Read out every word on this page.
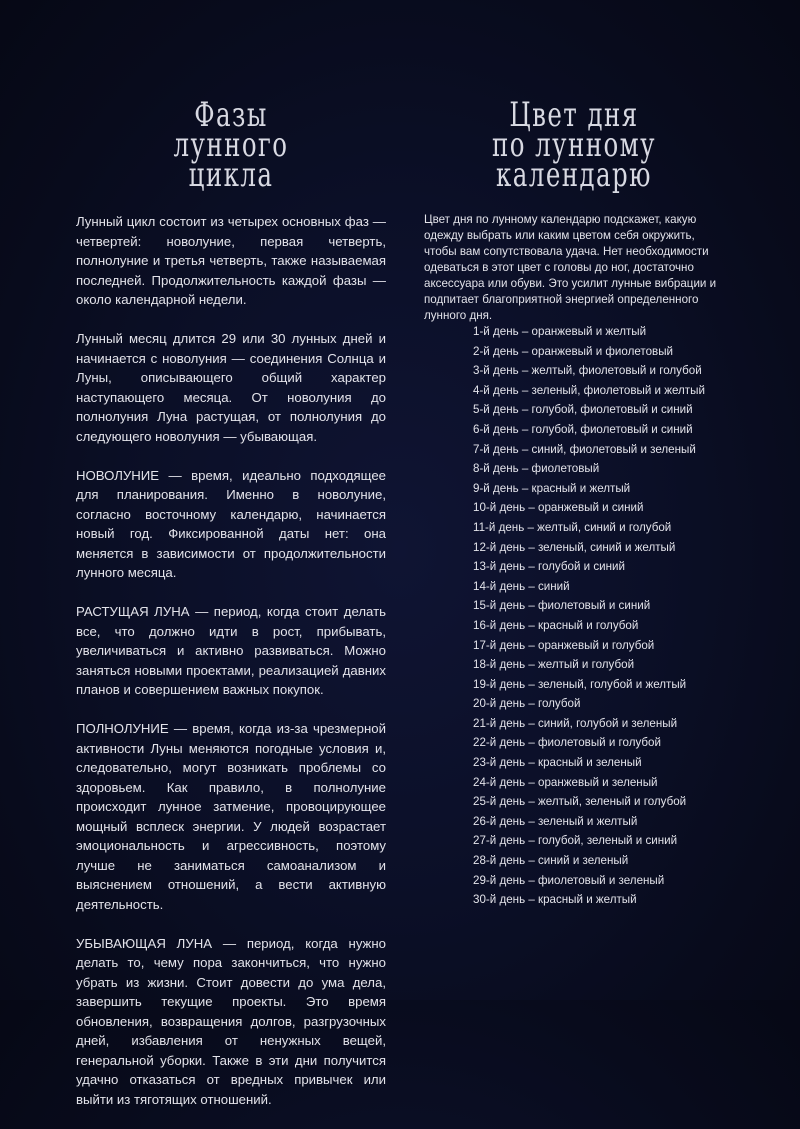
Фазы
лунного
цикла

Лунный цикл состоит из четырех основных фаз — четвертей: новолуние, первая четверть, полнолуние и третья четверть, также называемая последней. Продолжительность каждой фазы — около календарной недели.

Лунный месяц длится 29 или 30 лунных дней и начинается с новолуния — соединения Солнца и Луны, описывающего общий характер наступающего месяца. От новолуния до полнолуния Луна растущая, от полнолуния до следующего новолуния — убывающая.

НОВОЛУНИЕ — время, идеально подходящее для планирования. Именно в новолуние, согласно восточному календарю, начинается новый год. Фиксированной даты нет: она меняется в зависимости от продолжительности лунного месяца.

РАСТУЩАЯ ЛУНА — период, когда стоит делать все, что должно идти в рост, прибывать, увеличиваться и активно развиваться. Можно заняться новыми проектами, реализацией давних планов и совершением важных покупок.

ПОЛНОЛУНИЕ — время, когда из-за чрезмерной активности Луны меняются погодные условия и, следовательно, могут возникать проблемы со здоровьем. Как правило, в полнолуние происходит лунное затмение, провоцирующее мощный всплеск энергии. У людей возрастает эмоциональность и агрессивность, поэтому лучше не заниматься самоанализом и выяснением отношений, а вести активную деятельность.

УБЫВАЮЩАЯ ЛУНА — период, когда нужно делать то, чему пора закончиться, что нужно убрать из жизни. Стоит довести до ума дела, завершить текущие проекты. Это время обновления, возвращения долгов, разгрузочных дней, избавления от ненужных вещей, генеральной уборки. Также в эти дни получится удачно отказаться от вредных привычек или выйти из тяготящих отношений.

Цвет дня
по лунному
календарю

Цвет дня по лунному календарю подскажет, какую одежду выбрать или каким цветом себя окружить, чтобы вам сопутствовала удача. Нет необходимости одеваться в этот цвет с головы до ног, достаточно аксессуара или обуви. Это усилит лунные вибрации и подпитает благоприятной энергией определенного лунного дня.

1-й день – оранжевый и желтый
2-й день – оранжевый и фиолетовый
3-й день – желтый, фиолетовый и голубой
4-й день – зеленый, фиолетовый и желтый
5-й день – голубой, фиолетовый и синий
6-й день – голубой, фиолетовый и синий
7-й день – синий, фиолетовый и зеленый
8-й день – фиолетовый
9-й день – красный и желтый
10-й день – оранжевый и синий
11-й день – желтый, синий и голубой
12-й день – зеленый, синий и желтый
13-й день – голубой и синий
14-й день – синий
15-й день – фиолетовый и синий
16-й день – красный и голубой
17-й день – оранжевый и голубой
18-й день – желтый и голубой
19-й день – зеленый, голубой и желтый
20-й день – голубой
21-й день – синий, голубой и зеленый
22-й день – фиолетовый и голубой
23-й день – красный и зеленый
24-й день – оранжевый и зеленый
25-й день – желтый, зеленый и голубой
26-й день – зеленый и желтый
27-й день – голубой, зеленый и синий
28-й день – синий и зеленый
29-й день – фиолетовый и зеленый
30-й день – красный и желтый
